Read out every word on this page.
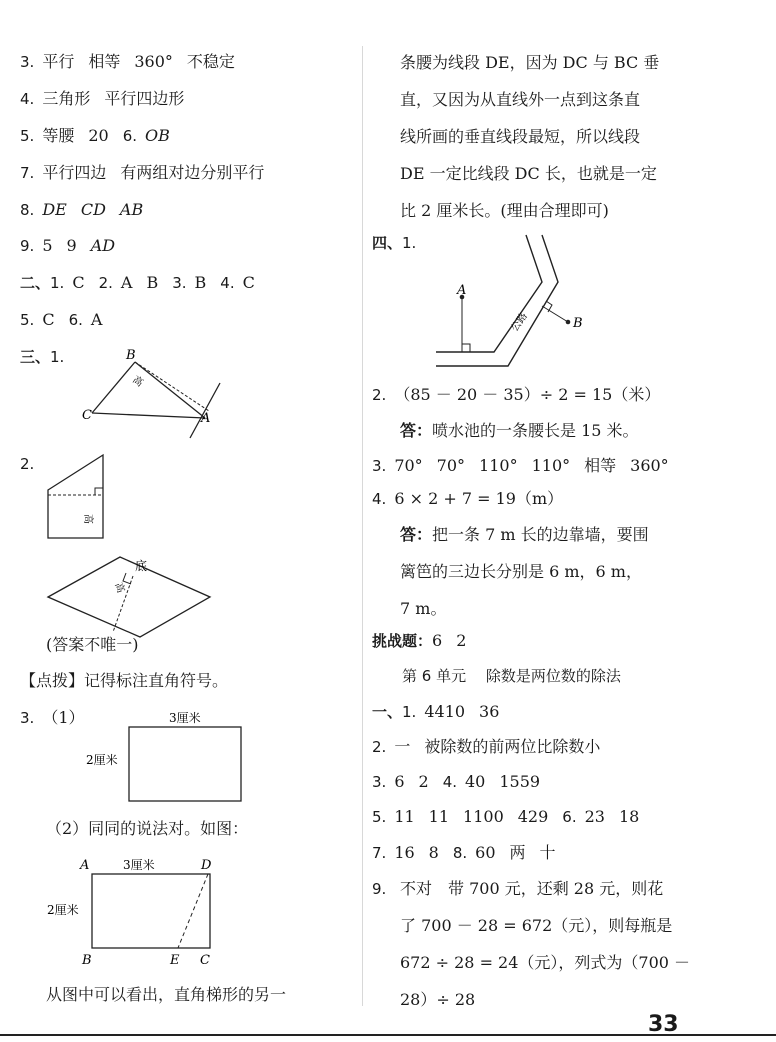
3. 平行 相等 360° 不稳定
4. 三角形 平行四边形
5. 等腰 20 6. OB
7. 平行四边 有两组对边分别平行
8. DE CD AB
9. 5 9 AD
二、1. C 2. A B 3. B 4. C
5. C 6. A
三、1.	B
C	A
高
2.
高
底
高
(答案不唯一)
【点拨】记得标注直角符号。
3. （1）	3厘米
2厘米
（2）同同的说法对。如图：
A	3厘米	D
2厘米
B	E C
从图中可以看出，直角梯形的另一
条腰为线段 DE，因为 DC 与 BC 垂
直，又因为从直线外一点到这条直
线所画的垂直线段最短，所以线段
DE 一定比线段 DC 长，也就是一定
比 2 厘米长。(理由合理即可)
四、1.
A
B
公路
2. （85 － 20 － 35）÷ 2 = 15（米）
答：喷水池的一条腰长是 15 米。
3. 70° 70° 110° 110° 相等 360°
4. 6 × 2 + 7 = 19（m）
答：把一条 7 m 长的边靠墙，要围
篱笆的三边长分别是 6 m，6 m，
7 m。
挑战题：6 2
第 6 单元　 除数是两位数的除法
一、1. 4410 36
2. 一 被除数的前两位比除数小
3. 6 2 4. 40 1559
5. 11 11 1100 429 6. 23 18
7. 16 8 8. 60 两 十
9. 不对　带 700 元，还剩 28 元，则花
了 700 － 28 = 672（元），则每瓶是
672 ÷ 28 = 24（元），列式为（700 －
28）÷ 28
33
